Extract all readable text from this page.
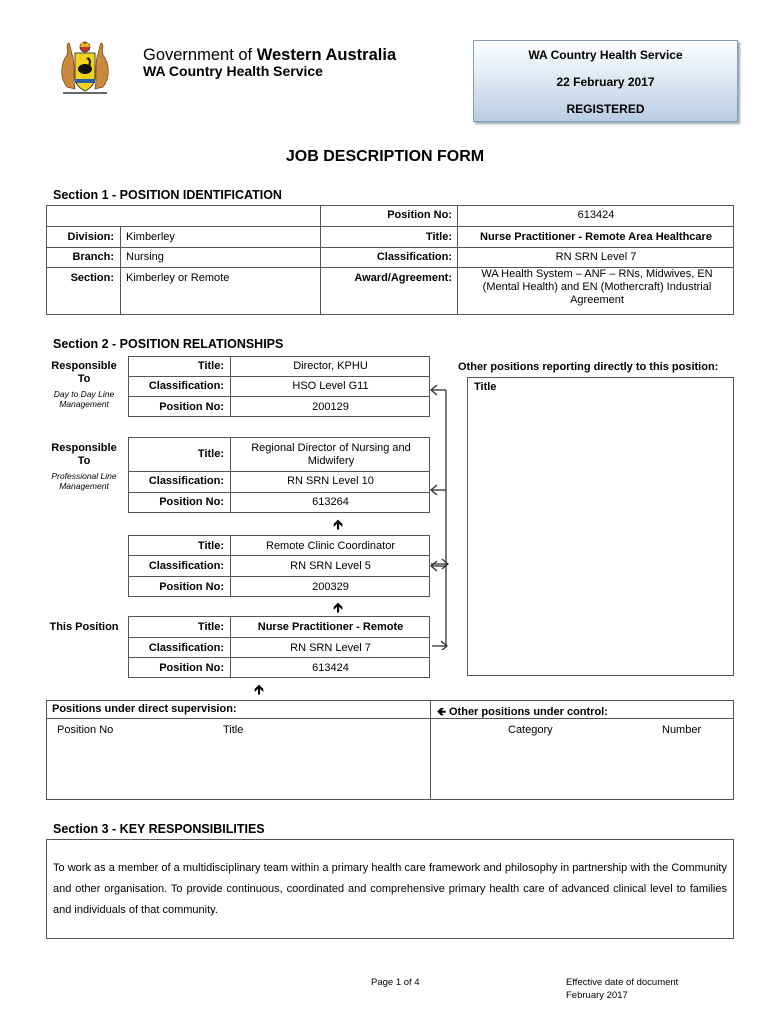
Government of Western Australia
WA Country Health Service
WA Country Health Service
22 February 2017
REGISTERED
JOB DESCRIPTION FORM
Section 1 - POSITION IDENTIFICATION
Position No:	613424
Division: Kimberley	Title:	Nurse Practitioner - Remote Area Healthcare
Branch: Nursing	Classification:	RN SRN Level 7
Section: Kimberley or Remote	Award/Agreement:	WA Health System – ANF – RNs, Midwives, EN (Mental Health) and EN (Mothercraft) Industrial Agreement
Section 2 - POSITION RELATIONSHIPS
Responsible To
Day to Day Line Management
Responsible To
Professional Line Management
This Position
Title:	Director, KPHU
Classification:	HSO Level G11
Position No:	200129
Title:	Regional Director of Nursing and Midwifery
Classification:	RN SRN Level 10
Position No:	613264
🡹
Title:	Remote Clinic Coordinator
Classification:	RN SRN Level 5
Position No:	200329
🡹
Title:	Nurse Practitioner - Remote
Classification:	RN SRN Level 7
Position No:	613424
🡹
Other positions reporting directly to this position:
Title
Positions under direct supervision:
Position No	Title
🡸 Other positions under control:
Category	Number
Section 3 - KEY RESPONSIBILITIES
To work as a member of a multidisciplinary team within a primary health care framework and philosophy in partnership with the Community and other organisation. To provide continuous, coordinated and comprehensive primary health care of advanced clinical level to families and individuals of that community.
Page 1 of 4	Effective date of document
February 2017
